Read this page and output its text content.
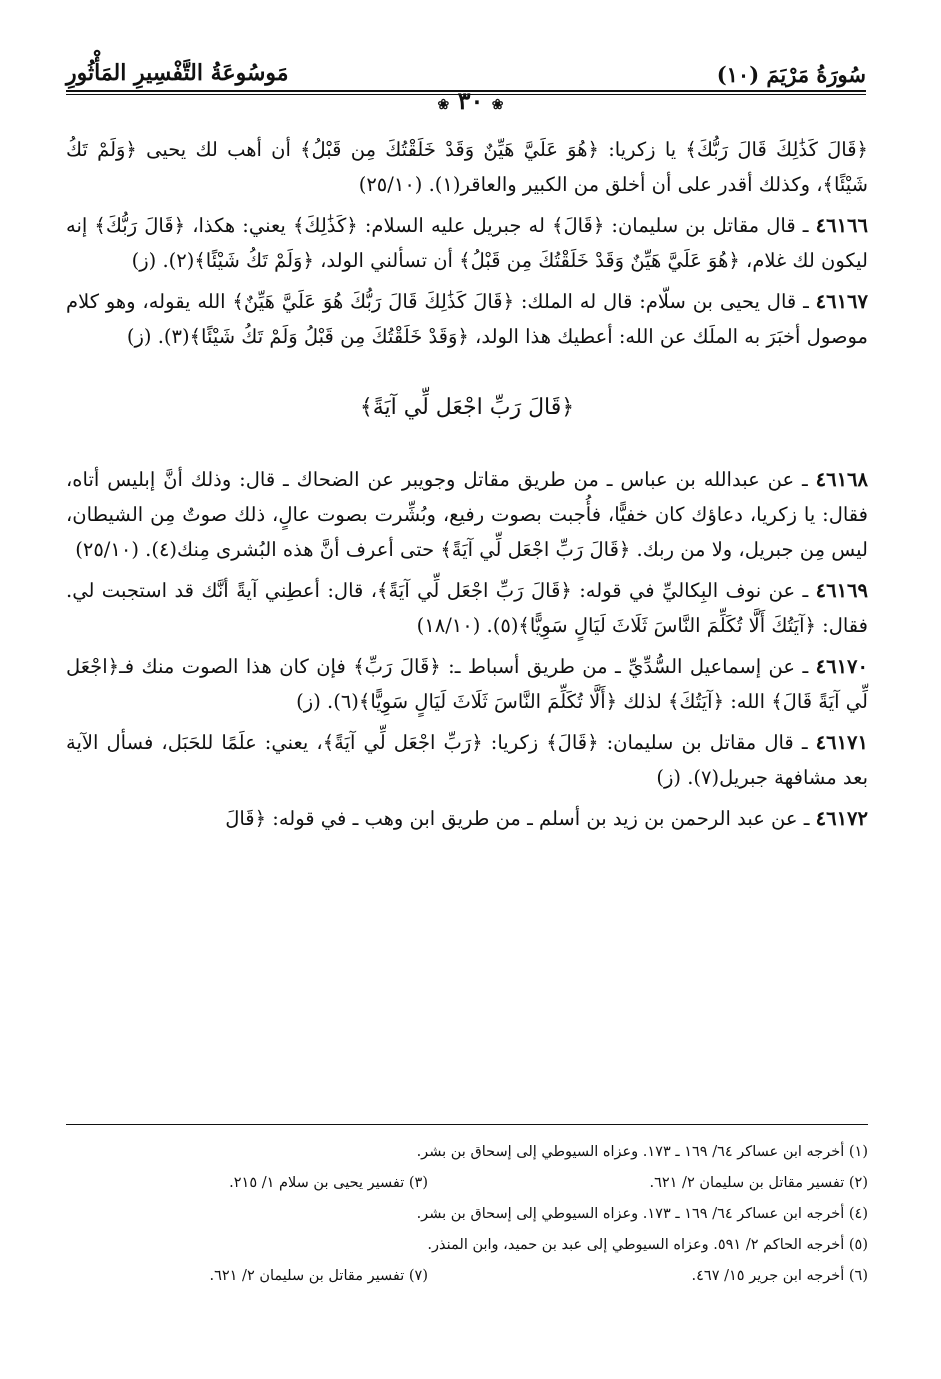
سُورَةُ مَرْيَمَ (١٠)
مَوسُوعَةُ التَّفْسِيرِ المَأْثُورِ
❀ ٣٠ ❀

﴿قَالَ كَذَٰلِكَ قَالَ رَبُّكَ﴾ يا زكريا: ﴿هُوَ عَلَيَّ هَيِّنٌ وَقَدْ خَلَقْتُكَ مِن قَبْلُ﴾ أن أهب لك يحيى ﴿وَلَمْ تَكُ شَيْئًا﴾، وكذلك أقدر على أن أخلق من الكبير والعاقر(١). (٢٥/١٠)

٤٦١٦٦ ـ قال مقاتل بن سليمان: ﴿قَالَ﴾ له جبريل عليه السلام: ﴿كَذَٰلِكَ﴾ يعني: هكذا، ﴿قَالَ رَبُّكَ﴾ إنه ليكون لك غلام، ﴿هُوَ عَلَيَّ هَيِّنٌ وَقَدْ خَلَقْتُكَ مِن قَبْلُ﴾ أن تسألني الولد، ﴿وَلَمْ تَكُ شَيْئًا﴾(٢). (ز)

٤٦١٦٧ ـ قال يحيى بن سلّام: قال له الملك: ﴿قَالَ كَذَٰلِكَ قَالَ رَبُّكَ هُوَ عَلَيَّ هَيِّنٌ﴾ الله يقوله، وهو كلام موصول أخبَرَ به الملَك عن الله: أعطيك هذا الولد، ﴿وَقَدْ خَلَقْتُكَ مِن قَبْلُ وَلَمْ تَكُ شَيْئًا﴾(٣). (ز)

﴿قَالَ رَبِّ اجْعَل لِّي آيَةً﴾

٤٦١٦٨ ـ عن عبدالله بن عباس ـ من طريق مقاتل وجويبر عن الضحاك ـ قال: وذلك أنَّ إبليس أتاه، فقال: يا زكريا، دعاؤك كان خفيًّا، فأُجبت بصوت رفيع، وبُشِّرت بصوت عالٍ، ذلك صوتٌ مِن الشيطان، ليس مِن جبريل، ولا من ربك. ﴿قَالَ رَبِّ اجْعَل لِّي آيَةً﴾ حتى أعرف أنَّ هذه البُشرى مِنك(٤). (٢٥/١٠)

٤٦١٦٩ ـ عن نوف البِكاليِّ في قوله: ﴿قَالَ رَبِّ اجْعَل لِّي آيَةً﴾، قال: أعطِني آيةً أنَّك قد استجبت لي. فقال: ﴿آيَتُكَ أَلَّا تُكَلِّمَ النَّاسَ ثَلَاثَ لَيَالٍ سَوِيًّا﴾(٥). (١٨/١٠)

٤٦١٧٠ ـ عن إسماعيل السُّدِّيِّ ـ من طريق أسباط ـ: ﴿قَالَ رَبِّ﴾ فإن كان هذا الصوت منك فـ﴿اجْعَل لِّي آيَةً قَالَ﴾ الله: ﴿آيَتُكَ﴾ لذلك ﴿أَلَّا تُكَلِّمَ النَّاسَ ثَلَاثَ لَيَالٍ سَوِيًّا﴾(٦). (ز)

٤٦١٧١ ـ قال مقاتل بن سليمان: ﴿قَالَ﴾ زكريا: ﴿رَبِّ اجْعَل لِّي آيَةً﴾، يعني: علَمًا للحَبَل، فسأل الآية بعد مشافهة جبريل(٧). (ز)

٤٦١٧٢ ـ عن عبد الرحمن بن زيد بن أسلم ـ من طريق ابن وهب ـ في قوله: ﴿قَالَ

(١) أخرجه ابن عساكر ٦٤/ ١٦٩ ـ ١٧٣. وعزاه السيوطي إلى إسحاق بن بشر.
(٢) تفسير مقاتل بن سليمان ٢/ ٦٢١.(٣) تفسير يحيى بن سلام ١/ ٢١٥.
(٤) أخرجه ابن عساكر ٦٤/ ١٦٩ ـ ١٧٣. وعزاه السيوطي إلى إسحاق بن بشر.
(٥) أخرجه الحاكم ٢/ ٥٩١. وعزاه السيوطي إلى عبد بن حميد، وابن المنذر.
(٦) أخرجه ابن جرير ١٥/ ٤٦٧.(٧) تفسير مقاتل بن سليمان ٢/ ٦٢١.
